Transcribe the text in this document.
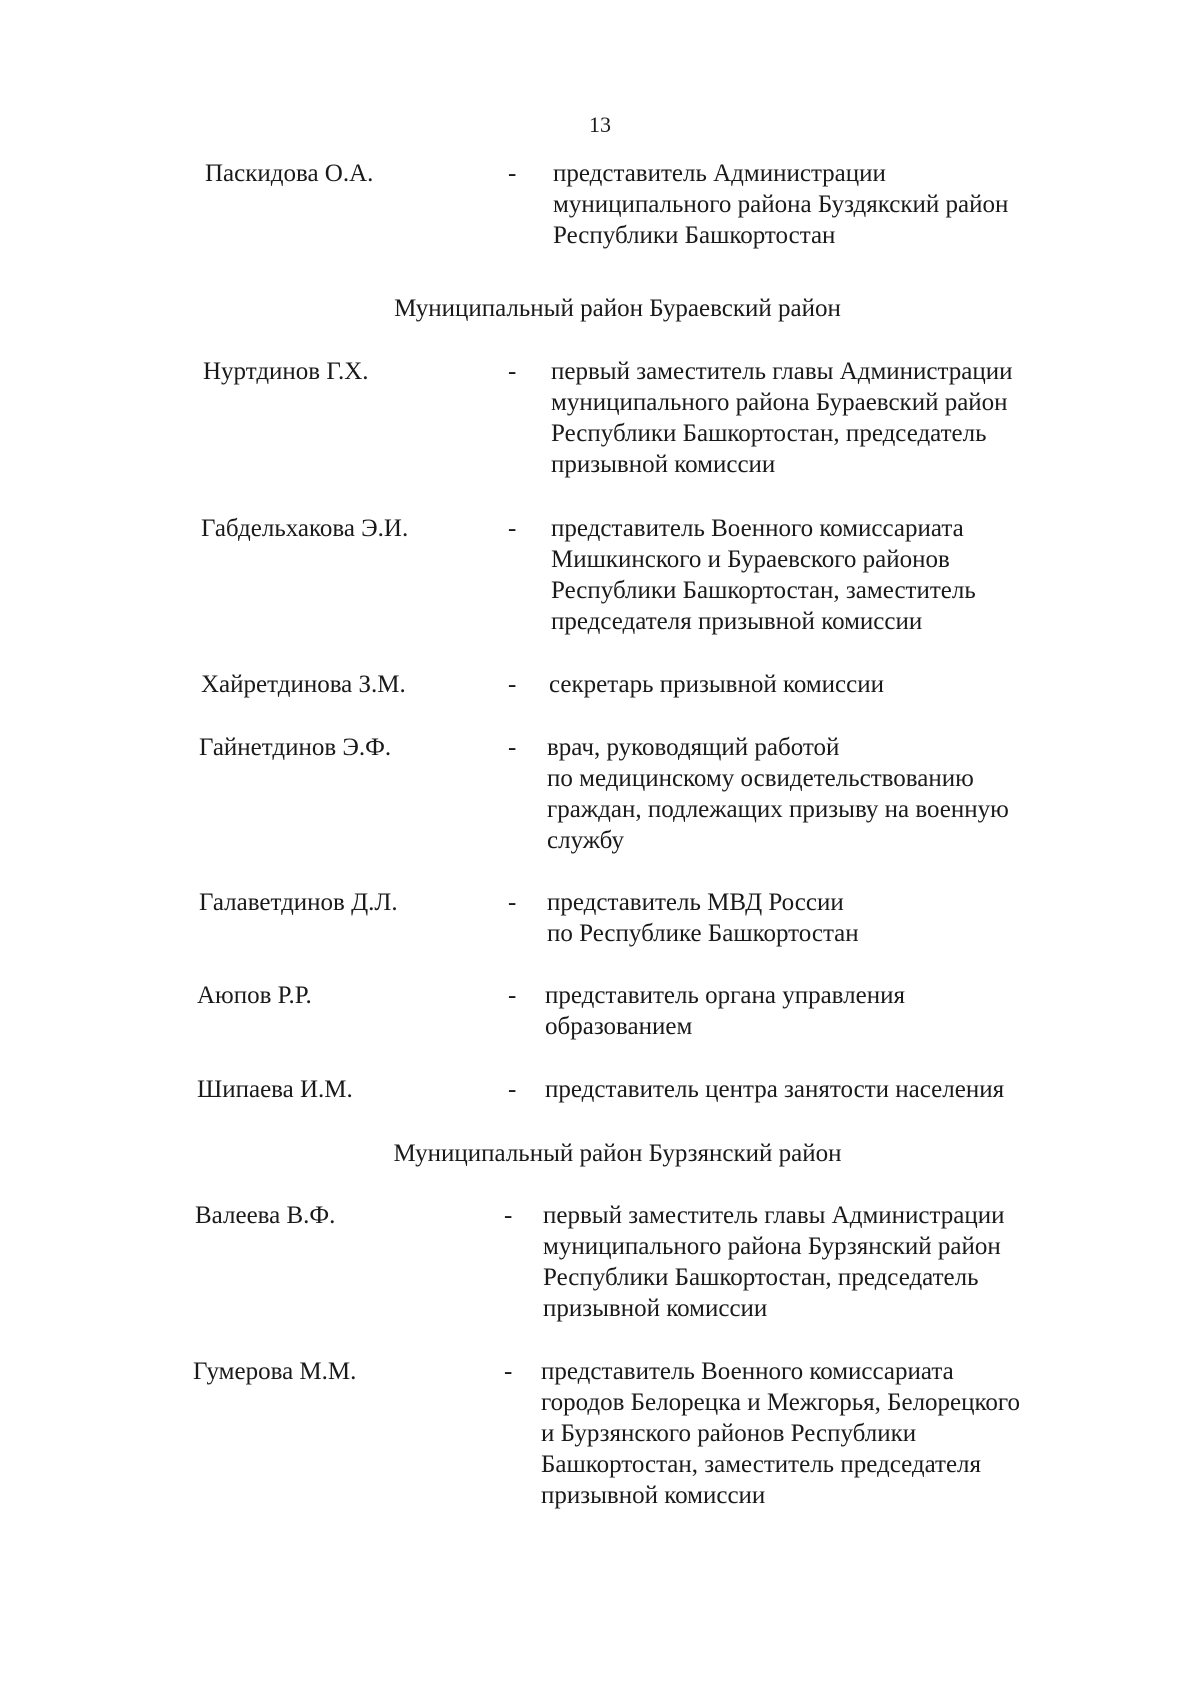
13
Паскидова О.А.	- представитель Администрации
муниципального района Буздякский район
Республики Башкортостан
Муниципальный район Бураевский район
Нуртдинов Г.Х.	- первый заместитель главы Администрации
муниципального района Бураевский район
Республики Башкортостан, председатель
призывной комиссии
Габдельхакова Э.И.	- представитель Военного комиссариата
Мишкинского и Бураевского районов
Республики Башкортостан, заместитель
председателя призывной комиссии
Хайретдинова З.М.	- секретарь призывной комиссии
Гайнетдинов Э.Ф.	- врач, руководящий работой
по медицинскому освидетельствованию
граждан, подлежащих призыву на военную
службу
Галаветдинов Д.Л.	- представитель МВД России
по Республике Башкортостан
Аюпов Р.Р.	- представитель органа управления
образованием
Шипаева И.М.	- представитель центра занятости населения
Муниципальный район Бурзянский район
Валеева В.Ф.	- первый заместитель главы Администрации
муниципального района Бурзянский район
Республики Башкортостан, председатель
призывной комиссии
Гумерова М.М.	- представитель Военного комиссариата
городов Белорецка и Межгорья, Белорецкого
и Бурзянского районов Республики
Башкортостан, заместитель председателя
призывной комиссии
